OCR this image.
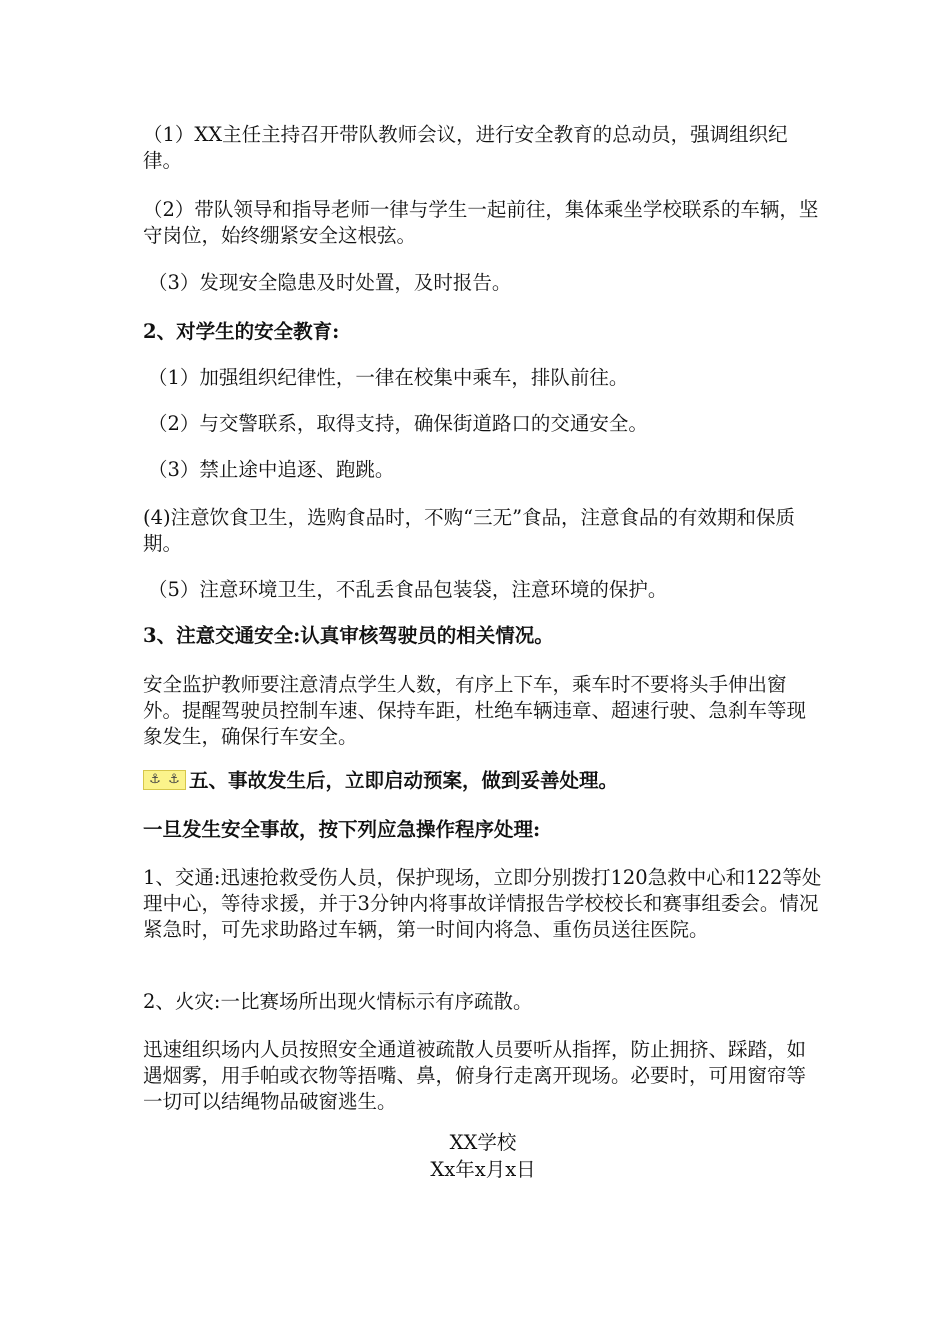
（1）XX主任主持召开带队教师会议，进行安全教育的总动员，强调组织纪律。

（2）带队领导和指导老师一律与学生一起前往，集体乘坐学校联系的车辆，坚守岗位，始终绷紧安全这根弦。

（3）发现安全隐患及时处置，及时报告。

2、对学生的安全教育:

（1）加强组织纪律性，一律在校集中乘车，排队前往。

（2）与交警联系，取得支持，确保街道路口的交通安全。

（3）禁止途中追逐、跑跳。

(4)注意饮食卫生，选购食品时，不购“三无”食品，注意食品的有效期和保质期。

（5）注意环境卫生，不乱丢食品包装袋，注意环境的保护。

3、注意交通安全:认真审核驾驶员的相关情况。

安全监护教师要注意清点学生人数，有序上下车，乘车时不要将头手伸出窗外。提醒驾驶员控制车速、保持车距，杜绝车辆违章、超速行驶、急刹车等现象发生，确保行车安全。

⚓ ⚓ 五、事故发生后，立即启动预案，做到妥善处理。

一旦发生安全事故，按下列应急操作程序处理:

1、交通:迅速抢救受伤人员，保护现场，立即分别拨打120急救中心和122等处理中心，等待求援，并于3分钟内将事故详情报告学校校长和赛事组委会。情况紧急时，可先求助路过车辆，第一时间内将急、重伤员送往医院。

2、火灾:一比赛场所出现火情标示有序疏散。

迅速组织场内人员按照安全通道被疏散人员要听从指挥，防止拥挤、踩踏，如遇烟雾，用手帕或衣物等捂嘴、鼻，俯身行走离开现场。必要时，可用窗帘等一切可以结绳物品破窗逃生。

XX学校

Xx年x月x日
